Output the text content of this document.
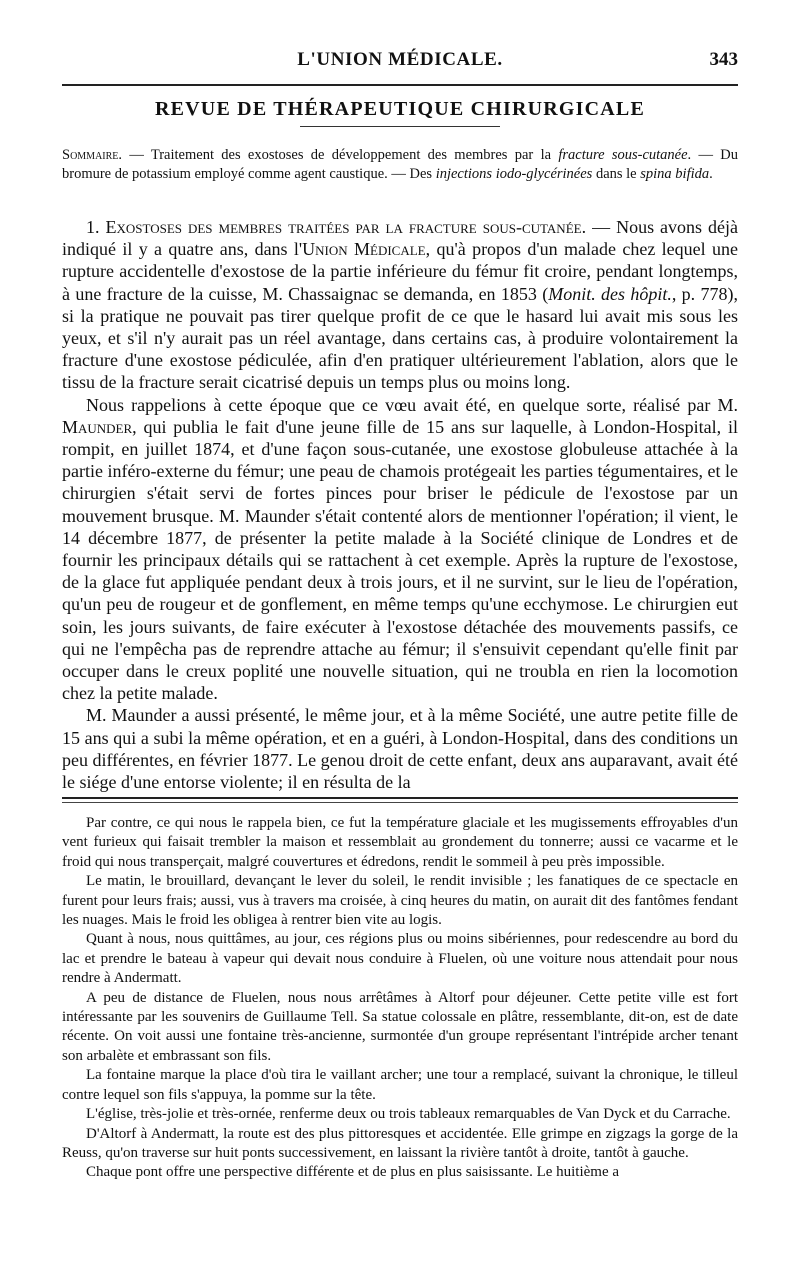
L'UNION MÉDICALE.	343
REVUE DE THÉRAPEUTIQUE CHIRURGICALE
Sommaire. — Traitement des exostoses de développement des membres par la fracture sous-cutanée. — Du bromure de potassium employé comme agent caustique. — Des injections iodo-glycérinées dans le spina bifida.

1. Exostoses des membres traitées par la fracture sous-cutanée. — Nous avons déjà indiqué il y a quatre ans, dans l'Union Médicale, qu'à propos d'un malade chez lequel une rupture accidentelle d'exostose de la partie inférieure du fémur fit croire, pendant longtemps, à une fracture de la cuisse, M. Chassaignac se demanda, en 1853 (Monit. des hôpit., p. 778), si la pratique ne pouvait pas tirer quelque profit de ce que le hasard lui avait mis sous les yeux, et s'il n'y aurait pas un réel avantage, dans certains cas, à produire volontairement la fracture d'une exostose pédiculée, afin d'en pratiquer ultérieurement l'ablation, alors que le tissu de la fracture serait cicatrisé depuis un temps plus ou moins long.

Nous rappelions à cette époque que ce vœu avait été, en quelque sorte, réalisé par M. Maunder, qui publia le fait d'une jeune fille de 15 ans sur laquelle, à London-Hospital, il rompit, en juillet 1874, et d'une façon sous-cutanée, une exostose globuleuse attachée à la partie inféro-externe du fémur; une peau de chamois protégeait les parties tégumentaires, et le chirurgien s'était servi de fortes pinces pour briser le pédicule de l'exostose par un mouvement brusque. M. Maunder s'était contenté alors de mentionner l'opération; il vient, le 14 décembre 1877, de présenter la petite malade à la Société clinique de Londres et de fournir les principaux détails qui se rattachent à cet exemple. Après la rupture de l'exostose, de la glace fut appliquée pendant deux à trois jours, et il ne survint, sur le lieu de l'opération, qu'un peu de rougeur et de gonflement, en même temps qu'une ecchymose. Le chirurgien eut soin, les jours suivants, de faire exécuter à l'exostose détachée des mouvements passifs, ce qui ne l'empêcha pas de reprendre attache au fémur; il s'ensuivit cependant qu'elle finit par occuper dans le creux poplité une nouvelle situation, qui ne troubla en rien la locomotion chez la petite malade.

M. Maunder a aussi présenté, le même jour, et à la même Société, une autre petite fille de 15 ans qui a subi la même opération, et en a guéri, à London-Hospital, dans des conditions un peu différentes, en février 1877. Le genou droit de cette enfant, deux ans auparavant, avait été le siége d'une entorse violente; il en résulta de la

Par contre, ce qui nous le rappela bien, ce fut la température glaciale et les mugissements effroyables d'un vent furieux qui faisait trembler la maison et ressemblait au grondement du tonnerre; aussi ce vacarme et le froid qui nous transperçait, malgré couvertures et édredons, rendit le sommeil à peu près impossible.

Le matin, le brouillard, devançant le lever du soleil, le rendit invisible ; les fanatiques de ce spectacle en furent pour leurs frais; aussi, vus à travers ma croisée, à cinq heures du matin, on aurait dit des fantômes fendant les nuages. Mais le froid les obligea à rentrer bien vite au logis.

Quant à nous, nous quittâmes, au jour, ces régions plus ou moins sibériennes, pour redescendre au bord du lac et prendre le bateau à vapeur qui devait nous conduire à Fluelen, où une voiture nous attendait pour nous rendre à Andermatt.

A peu de distance de Fluelen, nous nous arrêtâmes à Altorf pour déjeuner. Cette petite ville est fort intéressante par les souvenirs de Guillaume Tell. Sa statue colossale en plâtre, ressemblante, dit-on, est de date récente. On voit aussi une fontaine très-ancienne, surmontée d'un groupe représentant l'intrépide archer tenant son arbalète et embrassant son fils.

La fontaine marque la place d'où tira le vaillant archer; une tour a remplacé, suivant la chronique, le tilleul contre lequel son fils s'appuya, la pomme sur la tête.

L'église, très-jolie et très-ornée, renferme deux ou trois tableaux remarquables de Van Dyck et du Carrache.

D'Altorf à Andermatt, la route est des plus pittoresques et accidentée. Elle grimpe en zigzags la gorge de la Reuss, qu'on traverse sur huit ponts successivement, en laissant la rivière tantôt à droite, tantôt à gauche.

Chaque pont offre une perspective différente et de plus en plus saisissante. Le huitième a
